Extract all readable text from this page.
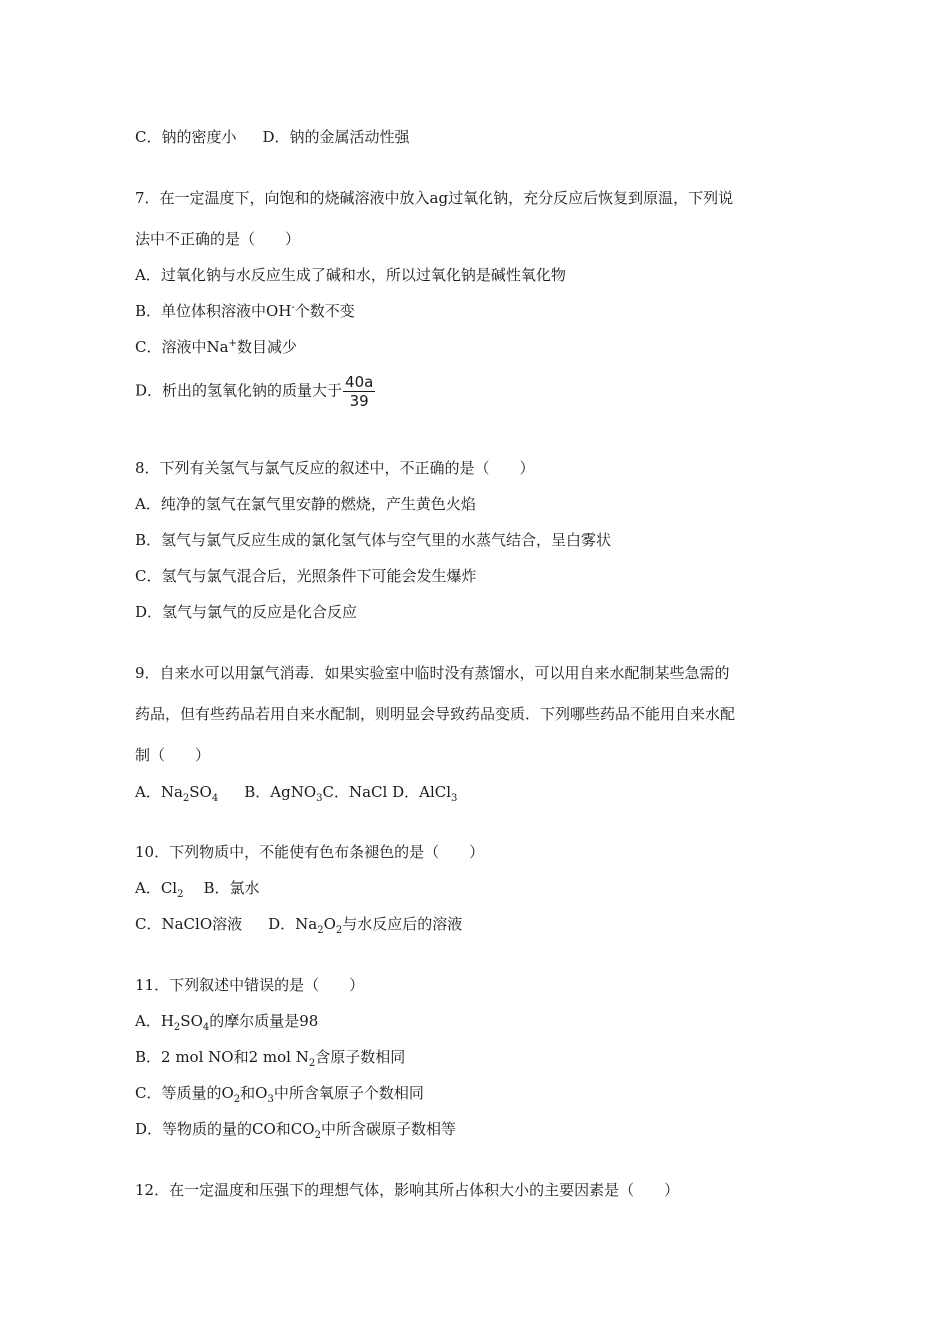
C．钠的密度小 D．钠的金属活动性强
7．在一定温度下，向饱和的烧碱溶液中放入ag过氧化钠，充分反应后恢复到原温，下列说
法中不正确的是（　　）
A．过氧化钠与水反应生成了碱和水，所以过氧化钠是碱性氧化物
B．单位体积溶液中OH-个数不变
C．溶液中Na+数目减少
D．析出的氢氧化钠的质量大于 $\frac{40a}{39}$
8．下列有关氢气与氯气反应的叙述中，不正确的是（　　）
A．纯净的氢气在氯气里安静的燃烧，产生黄色火焰
B．氢气与氯气反应生成的氯化氢气体与空气里的水蒸气结合，呈白雾状
C．氢气与氯气混合后，光照条件下可能会发生爆炸
D．氢气与氯气的反应是化合反应
9．自来水可以用氯气消毒．如果实验室中临时没有蒸馏水，可以用自来水配制某些急需的
药品，但有些药品若用自来水配制，则明显会导致药品变质．下列哪些药品不能用自来水配
制（　　）
A．$Na_2SO_4$ B．AgNO$_3$C．NaCl D．AlCl$_3$
10．下列物质中，不能使有色布条褪色的是（　　）
A．$Cl_2$ B．氯水
C．NaClO溶液 D．$Na_2O_2$与水反应后的溶液
11．下列叙述中错误的是（　　）
A．$H_2SO_4$的摩尔质量是98
B．2 mol NO和2 mol $N_2$含原子数相同
C．等质量的$O_2$和$O_3$中所含氧原子个数相同
D．等物质的量的CO和$CO_2$中所含碳原子数相等
12．在一定温度和压强下的理想气体，影响其所占体积大小的主要因素是（　　）
